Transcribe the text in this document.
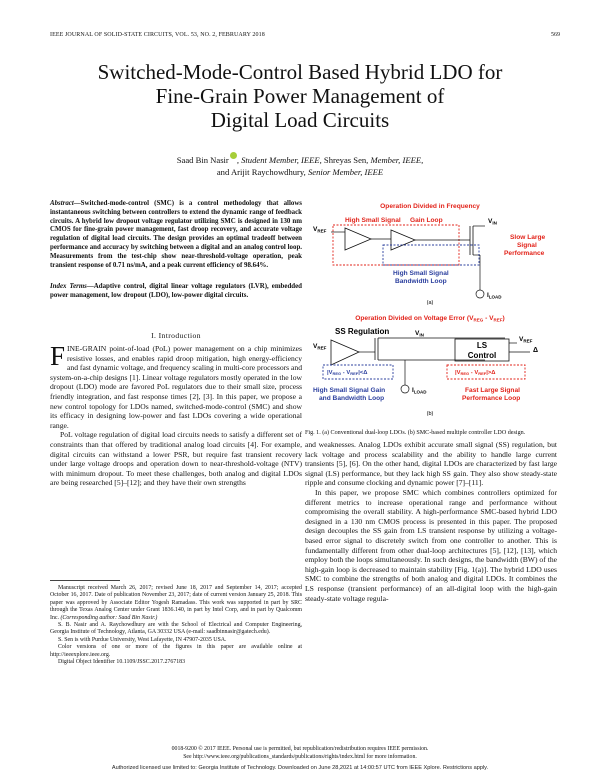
IEEE JOURNAL OF SOLID-STATE CIRCUITS, VOL. 53, NO. 2, FEBRUARY 2018	569
Switched-Mode-Control Based Hybrid LDO for
Fine-Grain Power Management of
Digital Load Circuits
Saad Bin Nasir , Student Member, IEEE, Shreyas Sen, Member, IEEE,
and Arijit Raychowdhury, Senior Member, IEEE
Abstract—Switched-mode-control (SMC) is a control methodology that allows instantaneous switching between controllers to extend the dynamic range of feedback circuits. A hybrid low dropout voltage regulator utilizing SMC is designed in 130 nm CMOS for fine-grain power management, fast droop recovery, and accurate voltage regulation of digital load circuits. The design provides an optimal tradeoff between performance and accuracy by switching between a digital and an analog control loop. Measurements from the test-chip show near-threshold-voltage operation, peak transient response of 0.71 ns/mA, and a peak current efficiency of 98.64%.
Index Terms—Adaptive control, digital linear voltage regulators (LVR), embedded power management, low dropout (LDO), low-power digital circuits.
I. Introduction

FINE-GRAIN point-of-load (PoL) power management on a chip minimizes resistive losses, and enables rapid droop mitigation, high energy-efficiency and fast dynamic voltage, and frequency scaling in multi-core processors and system-on-a-chip designs [1]. Linear voltage regulators mostly operated in the low dropout (LDO) mode are favored PoL regulators due to their small size, process friendly integration, and fast response times [2], [3]. In this paper, we propose a new control topology for LDOs named, switched-mode-control (SMC) and show its efficacy in designing low-power and fast LDOs covering a wide operational range.

PoL voltage regulation of digital load circuits needs to satisfy a different set of constraints than that offered by traditional analog load circuits [4]. For example, digital circuits can withstand a lower PSR, but require fast transient recovery under large voltage droops and operation down to near-threshold-voltage (NTV) with minimum dropout. To meet these challenges, both analog and digital LDOs are being researched [5]–[12]; and they have their own strengths

Manuscript received March 26, 2017; revised June 18, 2017 and September 14, 2017; accepted October 16, 2017. Date of publication November 23, 2017; date of current version January 25, 2018. This paper was approved by Associate Editor Yogesh Ramadass. This work was supported in part by SRC through the Texas Analog Center under Grant 1836.140, in part by Intel Corp, and in part by Qualcomm Inc. (Corresponding author: Saad Bin Nasir.)

S. B. Nasir and A. Raychowdhury are with the School of Electrical and Computer Engineering, Georgia Institute of Technology, Atlanta, GA 30332 USA (e-mail: saadbinnasir@gatech.edu).

S. Sen is with Purdue University, West Lafayette, IN 47907-2035 USA.

Color versions of one or more of the figures in this paper are available online at http://ieeexplore.ieee.org.

Digital Object Identifier 10.1109/JSSC.2017.2767183

Operation Divided in Frequency
High Small Signal Gain Loop
$V_{REF}$
$V_{IN}$
$I_{LOAD}$
Slow Large
Signal
Performance
High Small Signal
Bandwidth Loop
(a)
Operation Divided on Voltage Error $(V_{REG} - V_{REF})$
SS Regulation	$V_{IN}$
$V_{REF}$	LS
Control
$V_{REF}$
Δ
$|V_{REG} - V_{REF}|<\Delta$	$|V_{REG} - V_{REF}|>\Delta$
$I_{LOAD}$
High Small Signal Gain
and Bandwidth Loop
Fast Large Signal
Performance Loop
(b)
Fig. 1. (a) Conventional dual-loop LDOs. (b) SMC-based multiple controller LDO design.

and weaknesses. Analog LDOs exhibit accurate small signal (SS) regulation, but lack voltage and process scalability and the ability to handle large current transients [5], [6]. On the other hand, digital LDOs are characterized by fast large signal (LS) performance, but they lack high SS gain. They also show steady-state ripple and consume clocking and dynamic power [7]–[11].

In this paper, we propose SMC which combines controllers optimized for different metrics to increase operational range and performance without compromising the overall stability. A high-performance SMC-based hybrid LDO designed in a 130 nm CMOS process is presented in this paper. The proposed design decouples the SS gain from LS transient response by utilizing a voltage-based error signal to discretely switch from one controller to another. This is fundamentally different from other dual-loop architectures [5], [12], [13], which employ both the loops simultaneously. In such designs, the bandwidth (BW) of the high-gain loop is decreased to maintain stability [Fig. 1(a)]. The hybrid LDO uses SMC to combine the strengths of both analog and digital LDOs. It combines the LS response (transient performance) of an all-digital loop with the high-gain steady-state voltage regula-

0018-9200 © 2017 IEEE. Personal use is permitted, but republication/redistribution requires IEEE permission.
See http://www.ieee.org/publications_standards/publications/rights/index.html for more information.
Authorized licensed use limited to: Georgia Institute of Technology. Downloaded on June 28,2021 at 14:00:57 UTC from IEEE Xplore. Restrictions apply.
